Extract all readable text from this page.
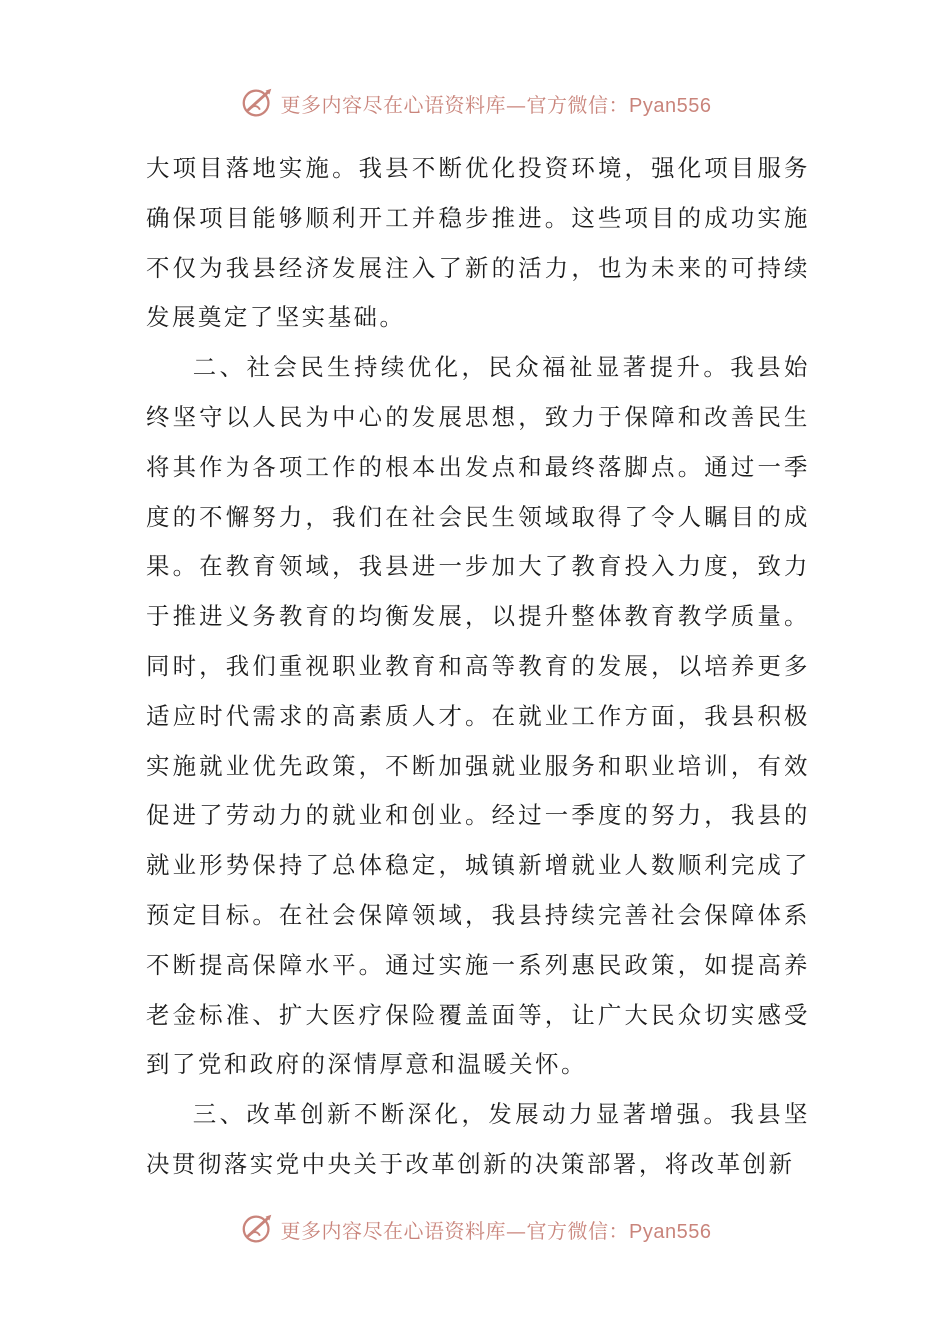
更多内容尽在心语资料库—官方微信：Pyan556

大项目落地实施。我县不断优化投资环境，强化项目服务确保项目能够顺利开工并稳步推进。这些项目的成功实施不仅为我县经济发展注入了新的活力，也为未来的可持续发展奠定了坚实基础。

二、社会民生持续优化，民众福祉显著提升。我县始终坚守以人民为中心的发展思想，致力于保障和改善民生将其作为各项工作的根本出发点和最终落脚点。通过一季度的不懈努力，我们在社会民生领域取得了令人瞩目的成果。在教育领域，我县进一步加大了教育投入力度，致力于推进义务教育的均衡发展，以提升整体教育教学质量。同时，我们重视职业教育和高等教育的发展，以培养更多适应时代需求的高素质人才。在就业工作方面，我县积极实施就业优先政策，不断加强就业服务和职业培训，有效促进了劳动力的就业和创业。经过一季度的努力，我县的就业形势保持了总体稳定，城镇新增就业人数顺利完成了预定目标。在社会保障领域，我县持续完善社会保障体系不断提高保障水平。通过实施一系列惠民政策，如提高养老金标准、扩大医疗保险覆盖面等，让广大民众切实感受到了党和政府的深情厚意和温暖关怀。

三、改革创新不断深化，发展动力显著增强。我县坚决贯彻落实党中央关于改革创新的决策部署，将改革创新

更多内容尽在心语资料库—官方微信：Pyan556
